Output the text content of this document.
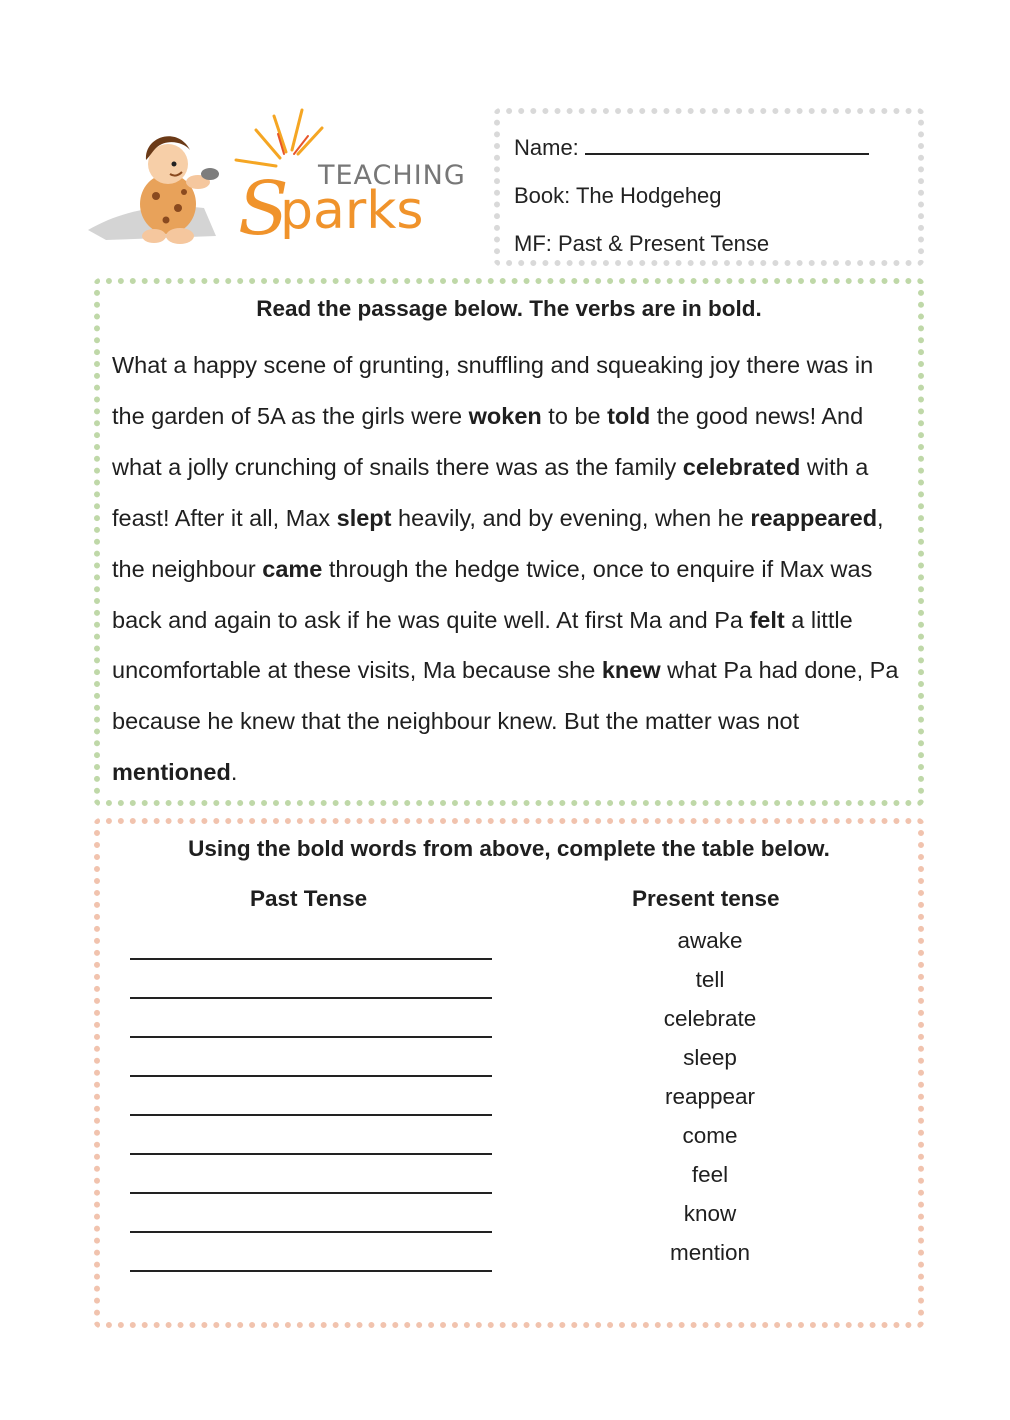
TEACHING
S
parks
Name:
Book: The Hodgeheg
MF: Past & Present Tense
Read the passage below. The verbs are in bold.
What a happy scene of grunting, snuffling and squeaking joy there was in the garden of 5A as the girls were woken to be told the good news! And what a jolly crunching of snails there was as the family celebrated with a feast! After it all, Max slept heavily, and by evening, when he reappeared, the neighbour came through the hedge twice, once to enquire if Max was back and again to ask if he was quite well. At first Ma and Pa felt a little uncomfortable at these visits, Ma because she knew what Pa had done, Pa because he knew that the neighbour knew. But the matter was not mentioned.
Using the bold words from above, complete the table below.
Past Tense	Present tense
awake
tell
celebrate
sleep
reappear
come
feel
know
mention
